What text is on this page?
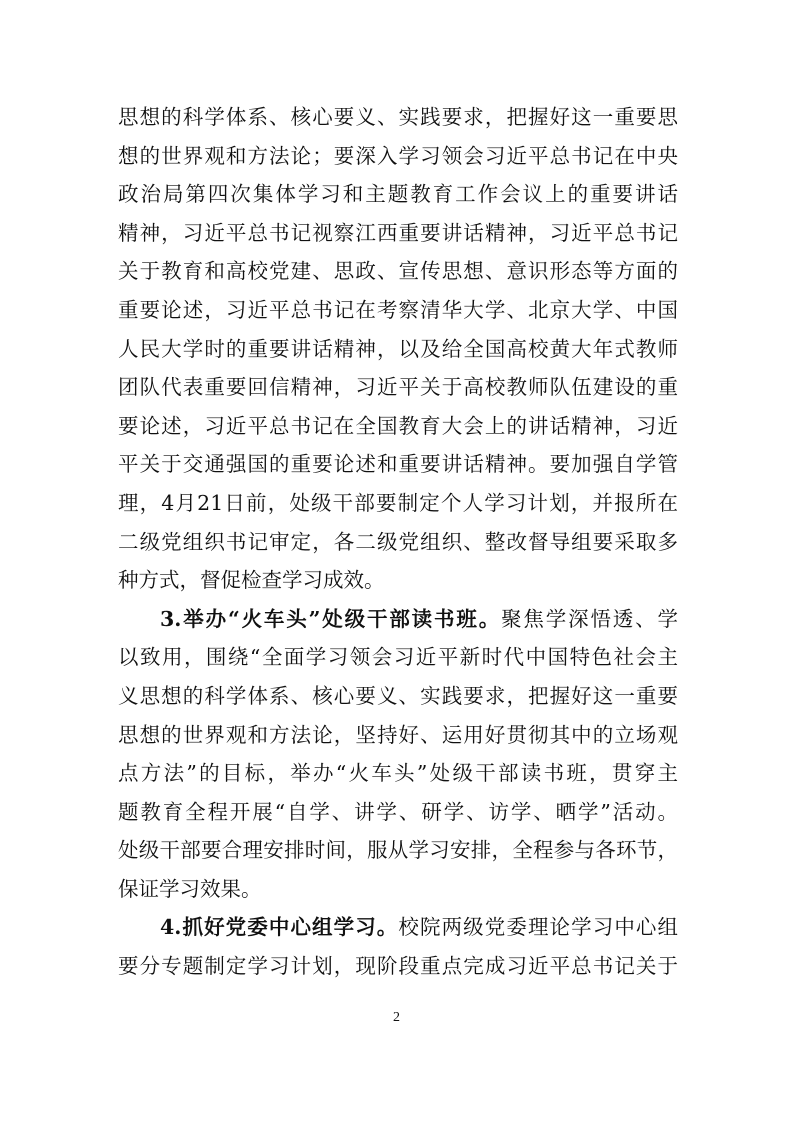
思想的科学体系、核心要义、实践要求，把握好这一重要思
想的世界观和方法论；要深入学习领会习近平总书记在中央
政治局第四次集体学习和主题教育工作会议上的重要讲话
精神，习近平总书记视察江西重要讲话精神，习近平总书记
关于教育和高校党建、思政、宣传思想、意识形态等方面的
重要论述，习近平总书记在考察清华大学、北京大学、中国
人民大学时的重要讲话精神，以及给全国高校黄大年式教师
团队代表重要回信精神，习近平关于高校教师队伍建设的重
要论述，习近平总书记在全国教育大会上的讲话精神，习近
平关于交通强国的重要论述和重要讲话精神。要加强自学管
理，4月21日前，处级干部要制定个人学习计划，并报所在
二级党组织书记审定，各二级党组织、整改督导组要采取多
种方式，督促检查学习成效。
3.举办“火车头”处级干部读书班。聚焦学深悟透、学
以致用，围绕“全面学习领会习近平新时代中国特色社会主
义思想的科学体系、核心要义、实践要求，把握好这一重要
思想的世界观和方法论，坚持好、运用好贯彻其中的立场观
点方法”的目标，举办“火车头”处级干部读书班，贯穿主
题教育全程开展“自学、讲学、研学、访学、晒学”活动。
处级干部要合理安排时间，服从学习安排，全程参与各环节，
保证学习效果。
4.抓好党委中心组学习。校院两级党委理论学习中心组
要分专题制定学习计划，现阶段重点完成习近平总书记关于
2
